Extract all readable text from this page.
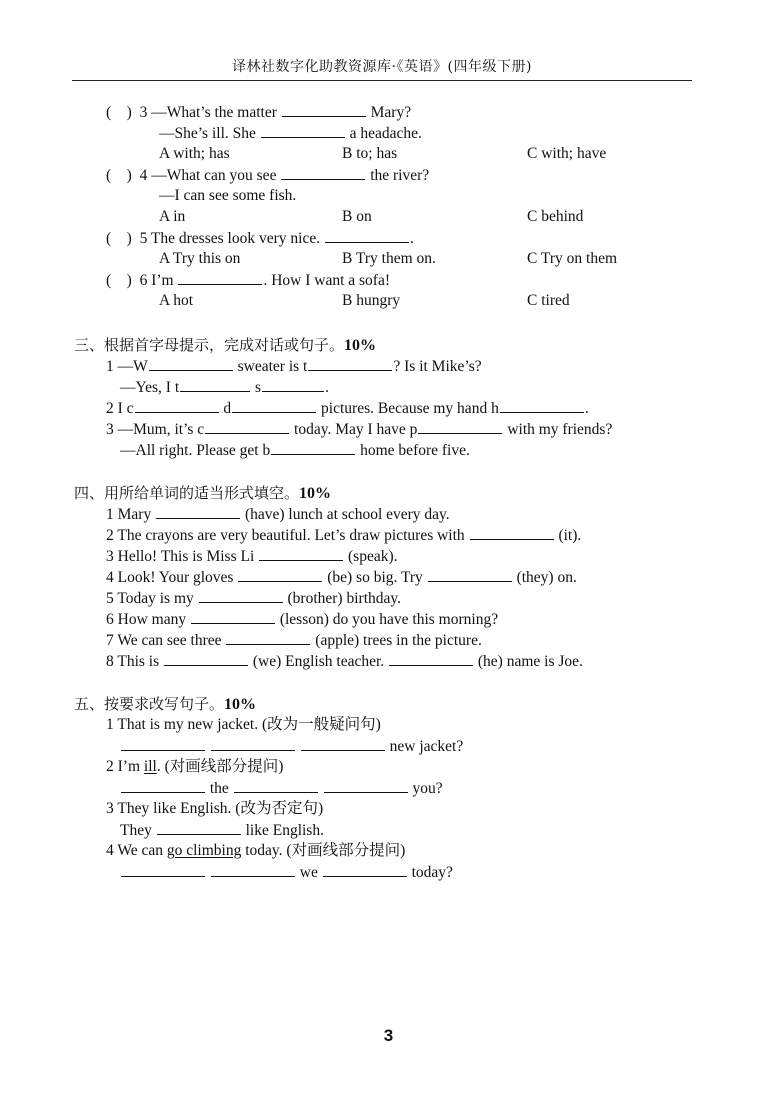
译林社数字化助教资源库·《英语》(四年级下册)
(    ) 3 —What’s the matter	Mary?
—She’s ill. She	a headache.
A with; has	B to; has	C with; have
(    ) 4 —What can you see	the river?
—I can see some fish.
A in	B on	C behind
(    ) 5 The dresses look very nice.	.
A Try this on	B Try them on.	C Try on them
(    ) 6 I’m	. How I want a sofa!
A hot	B hungry	C tired
三、根据首字母提示，完成对话或句子。10%
1 —W	sweater is t	? Is it Mike’s?
—Yes, I t	s	.
2 I c	d	pictures. Because my hand h	.
3 —Mum, it’s c	today. May I have p	with my friends?
—All right. Please get b	home before five.
四、用所给单词的适当形式填空。10%
1 Mary	(have) lunch at school every day.
2 The crayons are very beautiful. Let’s draw pictures with	(it).
3 Hello! This is Miss Li	(speak).
4 Look! Your gloves	(be) so big. Try	(they) on.
5 Today is my	(brother) birthday.
6 How many	(lesson) do you have this morning?
7 We can see three	(apple) trees in the picture.
8 This is	(we) English teacher.	(he) name is Joe.
五、按要求改写句子。10%
1 That is my new jacket. (改为一般疑问句)
new jacket?
2 I’m ill. (对画线部分提问)
the	you?
3 They like English. (改为否定句)
They	like English.
4 We can go climbing today. (对画线部分提问)
we	today?
3
